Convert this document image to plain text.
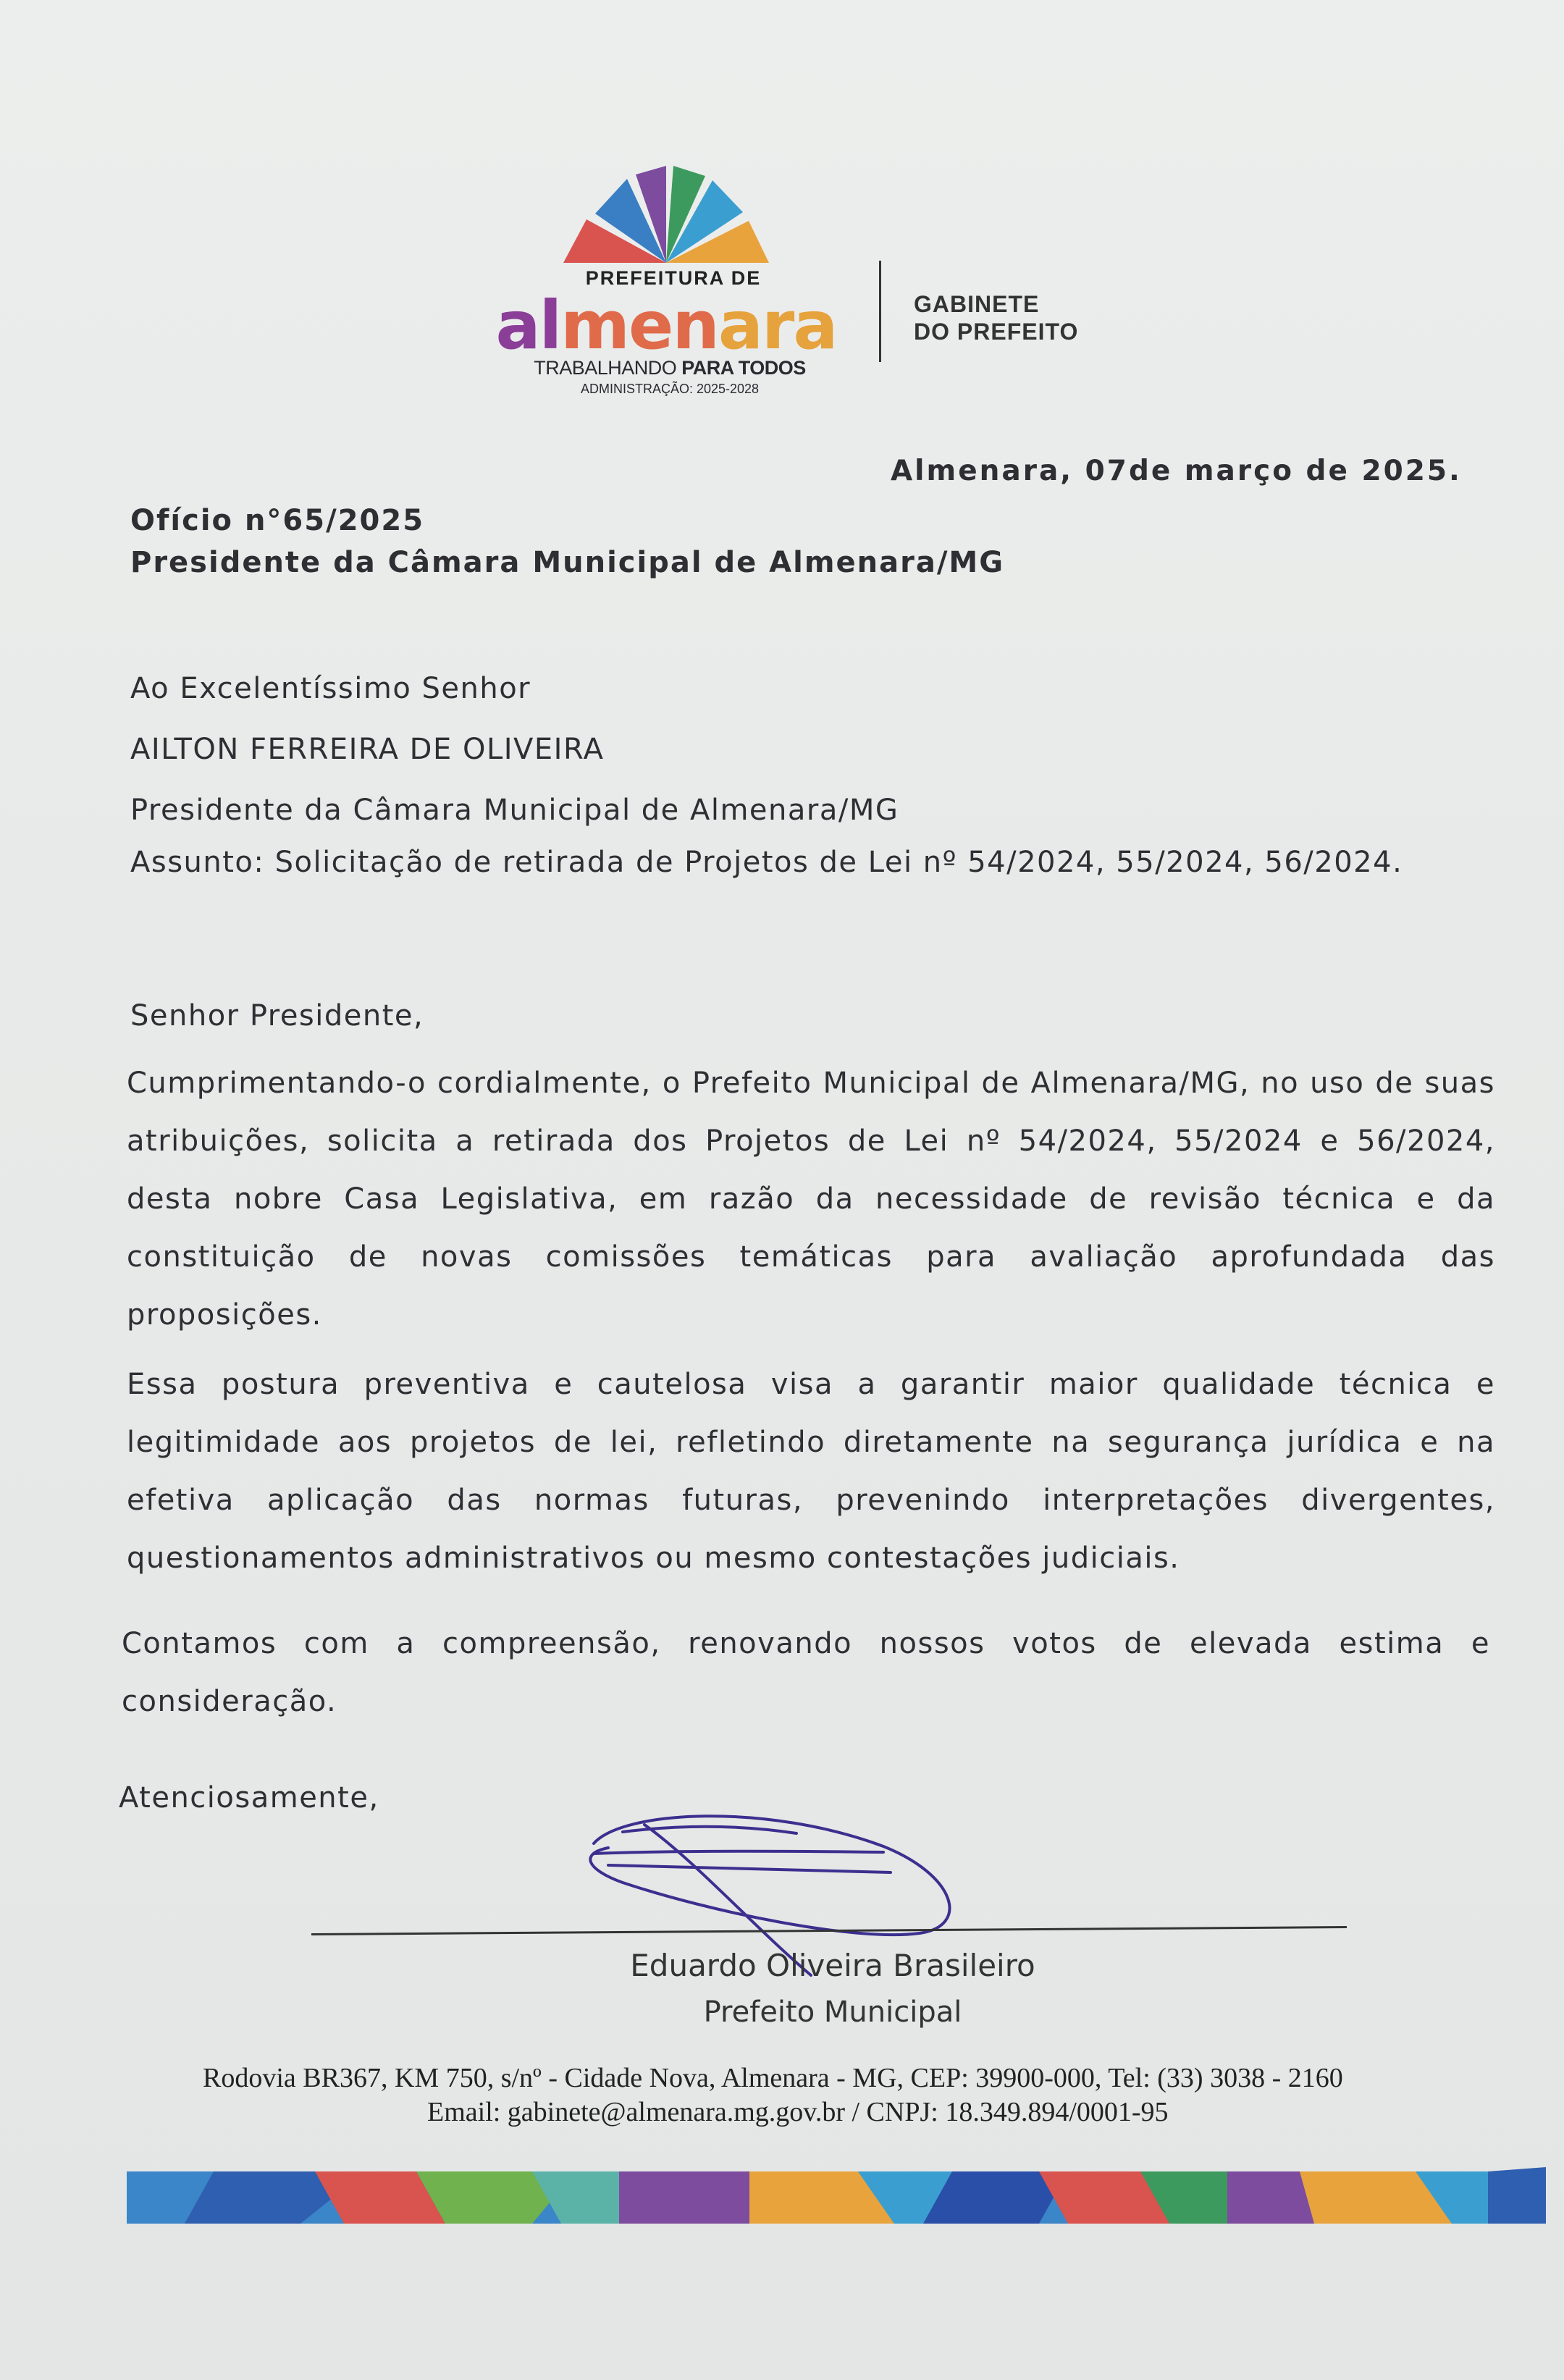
PREFEITURA DE
almenara
TRABALHANDO PARA TODOS
ADMINISTRAÇÃO: 2025-2028
GABINETE
DO PREFEITO
Almenara, 07de março de 2025.
Ofício n°65/2025
Presidente da Câmara Municipal de Almenara/MG
Ao Excelentíssimo Senhor
AILTON FERREIRA DE OLIVEIRA
Presidente da Câmara Municipal de Almenara/MG
Assunto: Solicitação de retirada de Projetos de Lei nº 54/2024, 55/2024, 56/2024.
Senhor Presidente,
Cumprimentando-o cordialmente, o Prefeito Municipal de Almenara/MG, no uso de suas atribuições, solicita a retirada dos Projetos de Lei nº 54/2024, 55/2024 e 56/2024, desta nobre Casa Legislativa, em razão da necessidade de revisão técnica e da constituição de novas comissões temáticas para avaliação aprofundada das proposições.
Essa postura preventiva e cautelosa visa a garantir maior qualidade técnica e legitimidade aos projetos de lei, refletindo diretamente na segurança jurídica e na efetiva aplicação das normas futuras, prevenindo interpretações divergentes, questionamentos administrativos ou mesmo contestações judiciais.
Contamos com a compreensão, renovando nossos votos de elevada estima e consideração.
Atenciosamente,
Eduardo Oliveira Brasileiro
Prefeito Municipal
Rodovia BR367, KM 750, s/nº - Cidade Nova, Almenara - MG, CEP: 39900-000, Tel: (33) 3038 - 2160
Email: gabinete@almenara.mg.gov.br / CNPJ: 18.349.894/0001-95
